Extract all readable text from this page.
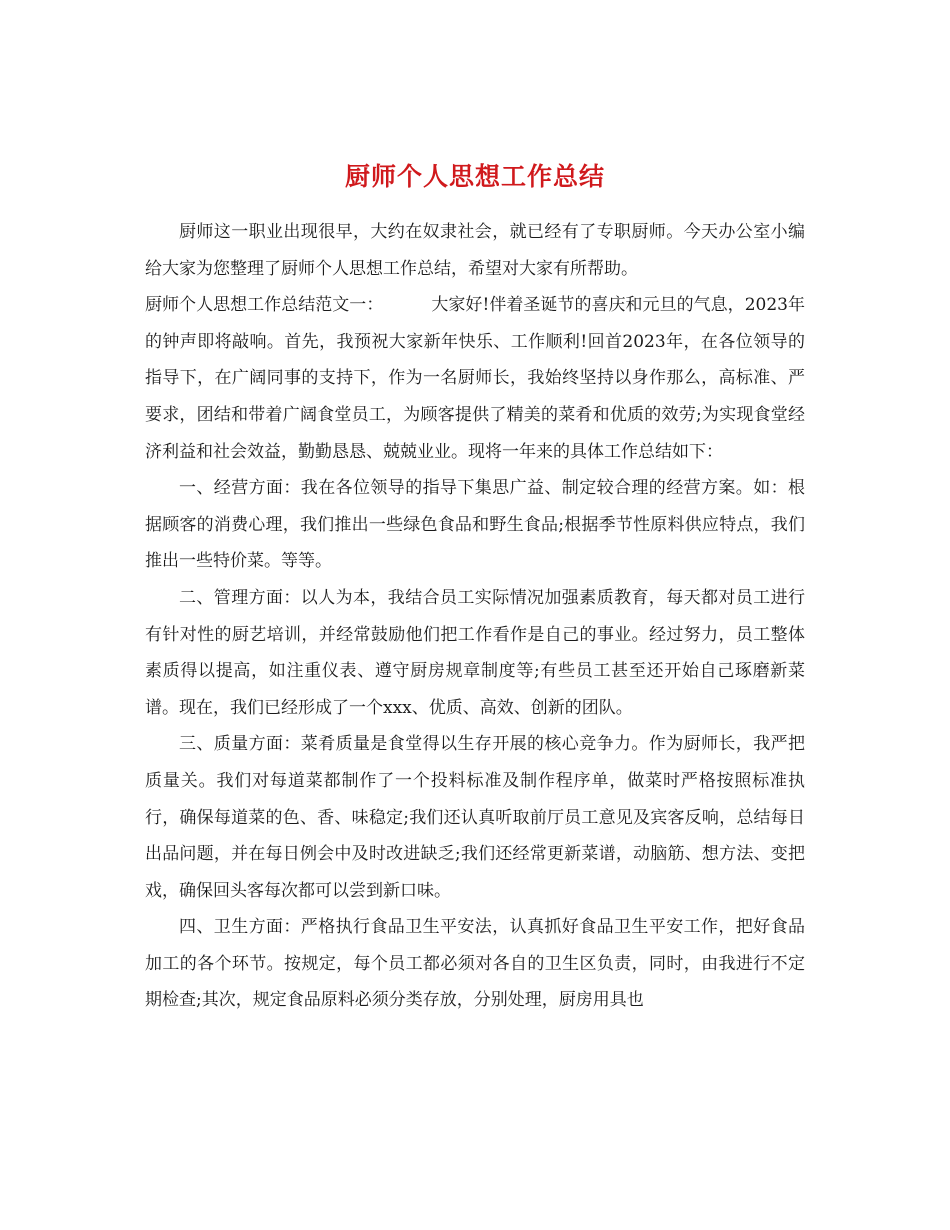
厨师个人思想工作总结

厨师这一职业出现很早，大约在奴隶社会，就已经有了专职厨师。今天办公室小编给大家为您整理了厨师个人思想工作总结，希望对大家有所帮助。

厨师个人思想工作总结范文一：	大家好!伴着圣诞节的喜庆和元旦的气息，2023年的钟声即将敲响。首先，我预祝大家新年快乐、工作顺利!回首2023年，在各位领导的指导下，在广阔同事的支持下，作为一名厨师长，我始终坚持以身作那么，高标准、严要求，团结和带着广阔食堂员工，为顾客提供了精美的菜肴和优质的效劳;为实现食堂经济利益和社会效益，勤勤恳恳、兢兢业业。现将一年来的具体工作总结如下：

一、经营方面：我在各位领导的指导下集思广益、制定较合理的经营方案。如：根据顾客的消费心理，我们推出一些绿色食品和野生食品;根据季节性原料供应特点，我们推出一些特价菜。等等。

二、管理方面：以人为本，我结合员工实际情况加强素质教育，每天都对员工进行有针对性的厨艺培训，并经常鼓励他们把工作看作是自己的事业。经过努力，员工整体素质得以提高，如注重仪表、遵守厨房规章制度等;有些员工甚至还开始自己琢磨新菜谱。现在，我们已经形成了一个xxx、优质、高效、创新的团队。

三、质量方面：菜肴质量是食堂得以生存开展的核心竞争力。作为厨师长，我严把质量关。我们对每道菜都制作了一个投料标准及制作程序单，做菜时严格按照标准执行，确保每道菜的色、香、味稳定;我们还认真听取前厅员工意见及宾客反响，总结每日出品问题，并在每日例会中及时改进缺乏;我们还经常更新菜谱，动脑筋、想方法、变把戏，确保回头客每次都可以尝到新口味。

四、卫生方面：严格执行食品卫生平安法，认真抓好食品卫生平安工作，把好食品加工的各个环节。按规定，每个员工都必须对各自的卫生区负责，同时，由我进行不定期检查;其次，规定食品原料必须分类存放，分别处理，厨房用具也
